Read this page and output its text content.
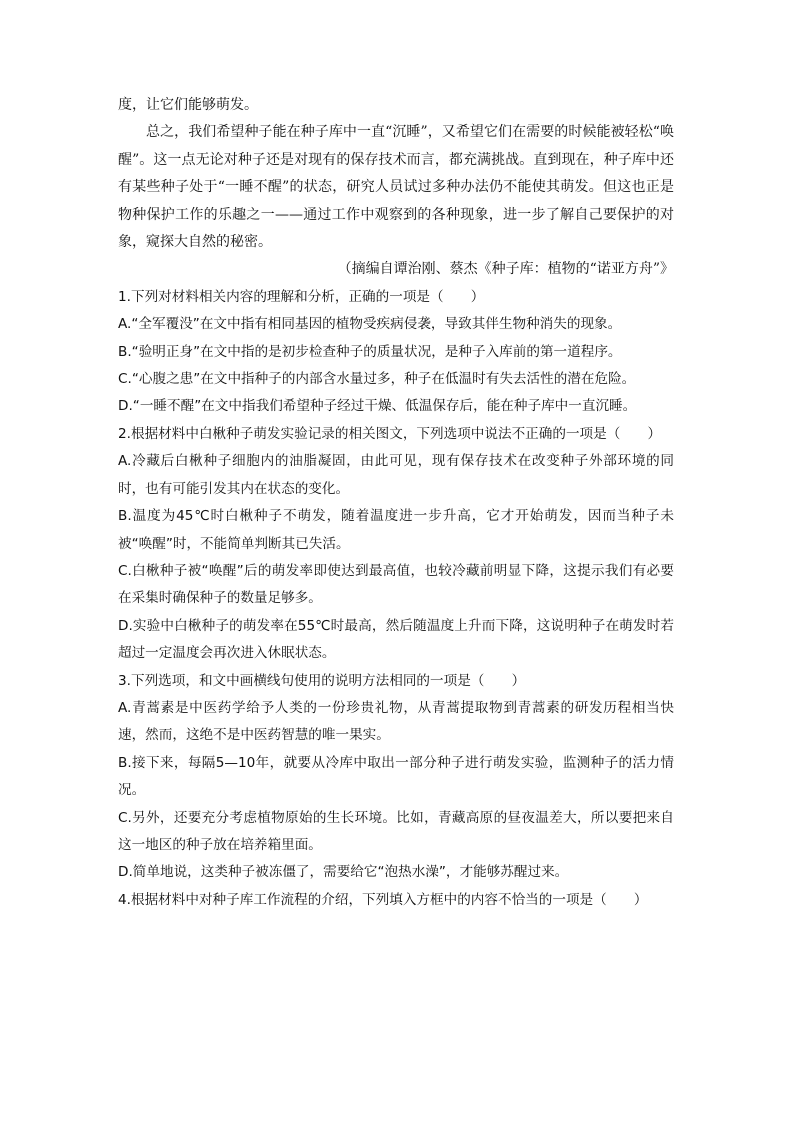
度，让它们能够萌发。

总之，我们希望种子能在种子库中一直“沉睡”，又希望它们在需要的时候能被轻松“唤醒”。这一点无论对种子还是对现有的保存技术而言，都充满挑战。直到现在，种子库中还有某些种子处于“一睡不醒”的状态，研究人员试过多种办法仍不能使其萌发。但这也正是物种保护工作的乐趣之一——通过工作中观察到的各种现象，进一步了解自己要保护的对象，窥探大自然的秘密。

（摘编自谭治刚、蔡杰《种子库：植物的“诺亚方舟”》

1.下列对材料相关内容的理解和分析，正确的一项是（　　）

A.“全军覆没”在文中指有相同基因的植物受疾病侵袭，导致其伴生物种消失的现象。

B.“验明正身”在文中指的是初步检查种子的质量状况，是种子入库前的第一道程序。

C.“心腹之患”在文中指种子的内部含水量过多，种子在低温时有失去活性的潜在危险。

D.“一睡不醒”在文中指我们希望种子经过干燥、低温保存后，能在种子库中一直沉睡。

2.根据材料中白楸种子萌发实验记录的相关图文，下列选项中说法不正确的一项是（　　）

A.冷藏后白楸种子细胞内的油脂凝固，由此可见，现有保存技术在改变种子外部环境的同时，也有可能引发其内在状态的变化。

B.温度为45℃时白楸种子不萌发，随着温度进一步升高，它才开始萌发，因而当种子未被“唤醒”时，不能简单判断其已失活。

C.白楸种子被“唤醒”后的萌发率即使达到最高值，也较冷藏前明显下降，这提示我们有必要在采集时确保种子的数量足够多。

D.实验中白楸种子的萌发率在55℃时最高，然后随温度上升而下降，这说明种子在萌发时若超过一定温度会再次进入休眠状态。

3.下列选项，和文中画横线句使用的说明方法相同的一项是（　　）

A.青蒿素是中医药学给予人类的一份珍贵礼物，从青蒿提取物到青蒿素的研发历程相当快速，然而，这绝不是中医药智慧的唯一果实。

B.接下来，每隔5—10年，就要从冷库中取出一部分种子进行萌发实验，监测种子的活力情况。

C.另外，还要充分考虑植物原始的生长环境。比如，青藏高原的昼夜温差大，所以要把来自这一地区的种子放在培养箱里面。

D.简单地说，这类种子被冻僵了，需要给它“泡热水澡”，才能够苏醒过来。

4.根据材料中对种子库工作流程的介绍，下列填入方框中的内容不恰当的一项是（　　）
